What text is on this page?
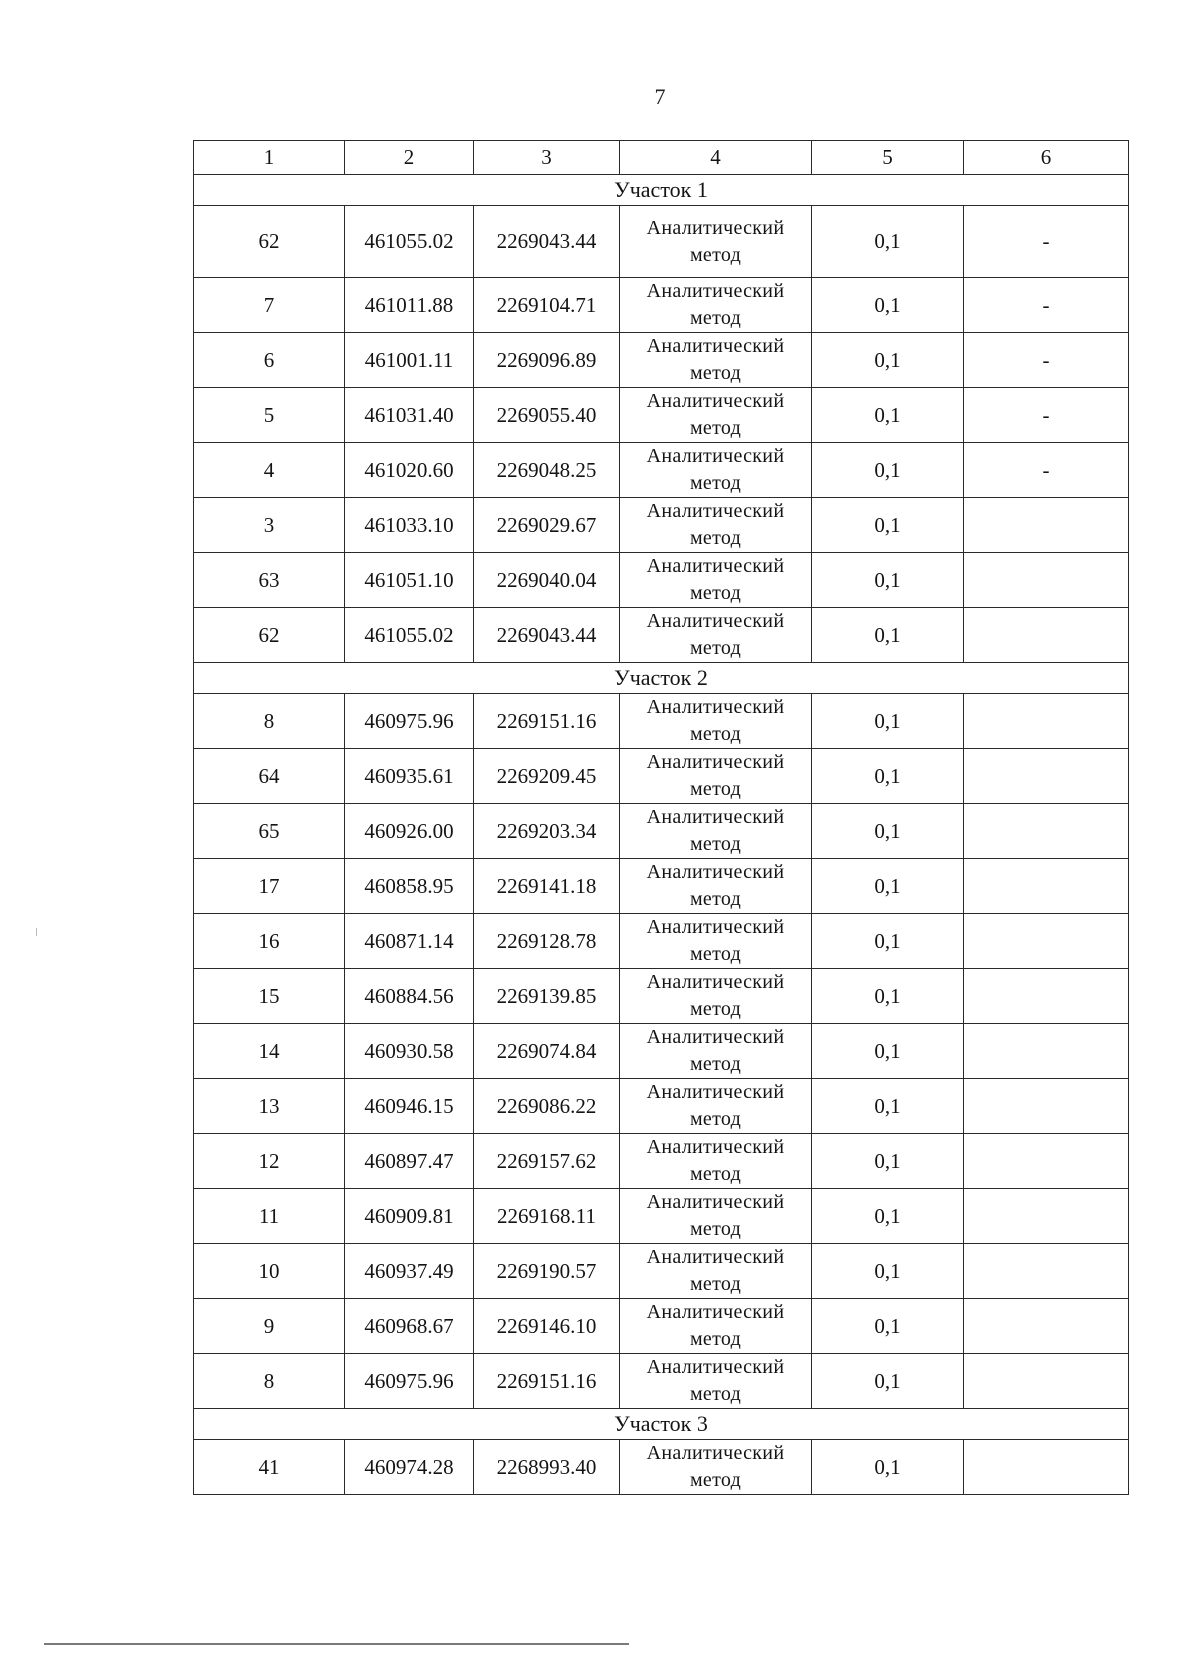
7
1	2	3	4	5	6
Участок 1					
62	461055.02	2269043.44	Аналитический
метод	0,1	-
7	461011.88	2269104.71	Аналитический
метод	0,1	-
6	461001.11	2269096.89	Аналитический
метод	0,1	-
5	461031.40	2269055.40	Аналитический
метод	0,1	-
4	461020.60	2269048.25	Аналитический
метод	0,1	-
3	461033.10	2269029.67	Аналитический
метод	0,1	
63	461051.10	2269040.04	Аналитический
метод	0,1	
62	461055.02	2269043.44	Аналитический
метод	0,1	
Участок 2					
8	460975.96	2269151.16	Аналитический
метод	0,1	
64	460935.61	2269209.45	Аналитический
метод	0,1	
65	460926.00	2269203.34	Аналитический
метод	0,1	
17	460858.95	2269141.18	Аналитический
метод	0,1	
16	460871.14	2269128.78	Аналитический
метод	0,1	
15	460884.56	2269139.85	Аналитический
метод	0,1	
14	460930.58	2269074.84	Аналитический
метод	0,1	
13	460946.15	2269086.22	Аналитический
метод	0,1	
12	460897.47	2269157.62	Аналитический
метод	0,1	
11	460909.81	2269168.11	Аналитический
метод	0,1	
10	460937.49	2269190.57	Аналитический
метод	0,1	
9	460968.67	2269146.10	Аналитический
метод	0,1	
8	460975.96	2269151.16	Аналитический
метод	0,1	
Участок 3					
41	460974.28	2268993.40	Аналитический
метод	0,1	
